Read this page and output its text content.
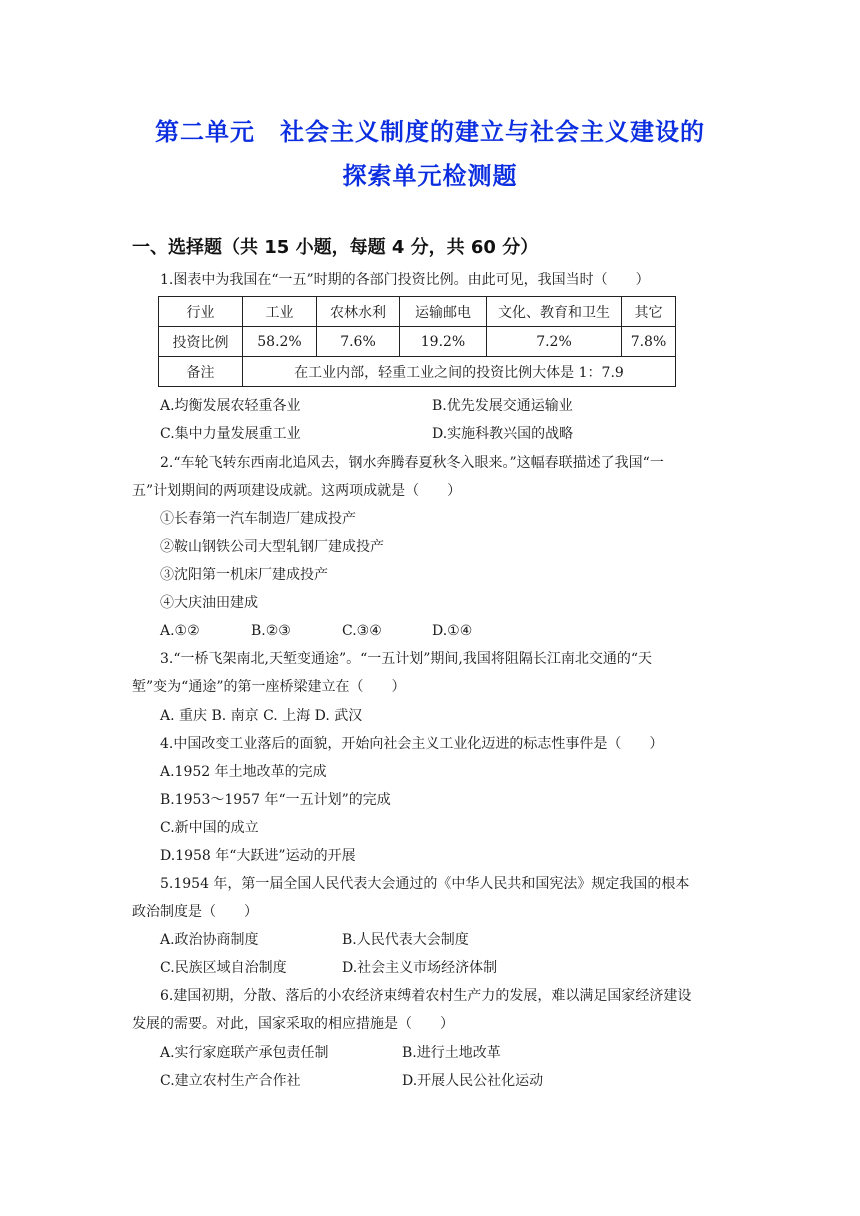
第二单元　社会主义制度的建立与社会主义建设的
探索单元检测题
一、选择题（共 15 小题，每题 4 分，共 60 分）
1.图表中为我国在“一五”时期的各部门投资比例。由此可见，我国当时（　　）
行业	工业	农林水利	运输邮电	文化、教育和卫生	其它
投资比例	58.2%	7.6%	19.2%	7.2%	7.8%
备注	在工业内部，轻重工业之间的投资比例大体是 1：7.9				
A.均衡发展农轻重各业	B.优先发展交通运输业
C.集中力量发展重工业	D.实施科教兴国的战略
2.“车轮飞转东西南北追风去，钢水奔腾春夏秋冬入眼来。”这幅春联描述了我国“一
五”计划期间的两项建设成就。这两项成就是（　　）
①长春第一汽车制造厂建成投产
②鞍山钢铁公司大型轧钢厂建成投产
③沈阳第一机床厂建成投产
④大庆油田建成
A.①②	B.②③	C.③④	D.①④
3.“一桥飞架南北,天堑变通途”。“一五计划”期间,我国将阻隔长江南北交通的“天
堑”变为“通途”的第一座桥梁建立在（　　）
A. 重庆 B. 南京 C. 上海 D. 武汉
4.中国改变工业落后的面貌，开始向社会主义工业化迈进的标志性事件是（　　）
A.1952 年土地改革的完成
B.1953～1957 年“一五计划”的完成
C.新中国的成立
D.1958 年“大跃进”运动的开展
5.1954 年，第一届全国人民代表大会通过的《中华人民共和国宪法》规定我国的根本
政治制度是（　　）
A.政治协商制度	B.人民代表大会制度
C.民族区域自治制度	D.社会主义市场经济体制
6.建国初期，分散、落后的小农经济束缚着农村生产力的发展，难以满足国家经济建设
发展的需要。对此，国家采取的相应措施是（　　）
A.实行家庭联产承包责任制	B.进行土地改革
C.建立农村生产合作社	D.开展人民公社化运动
